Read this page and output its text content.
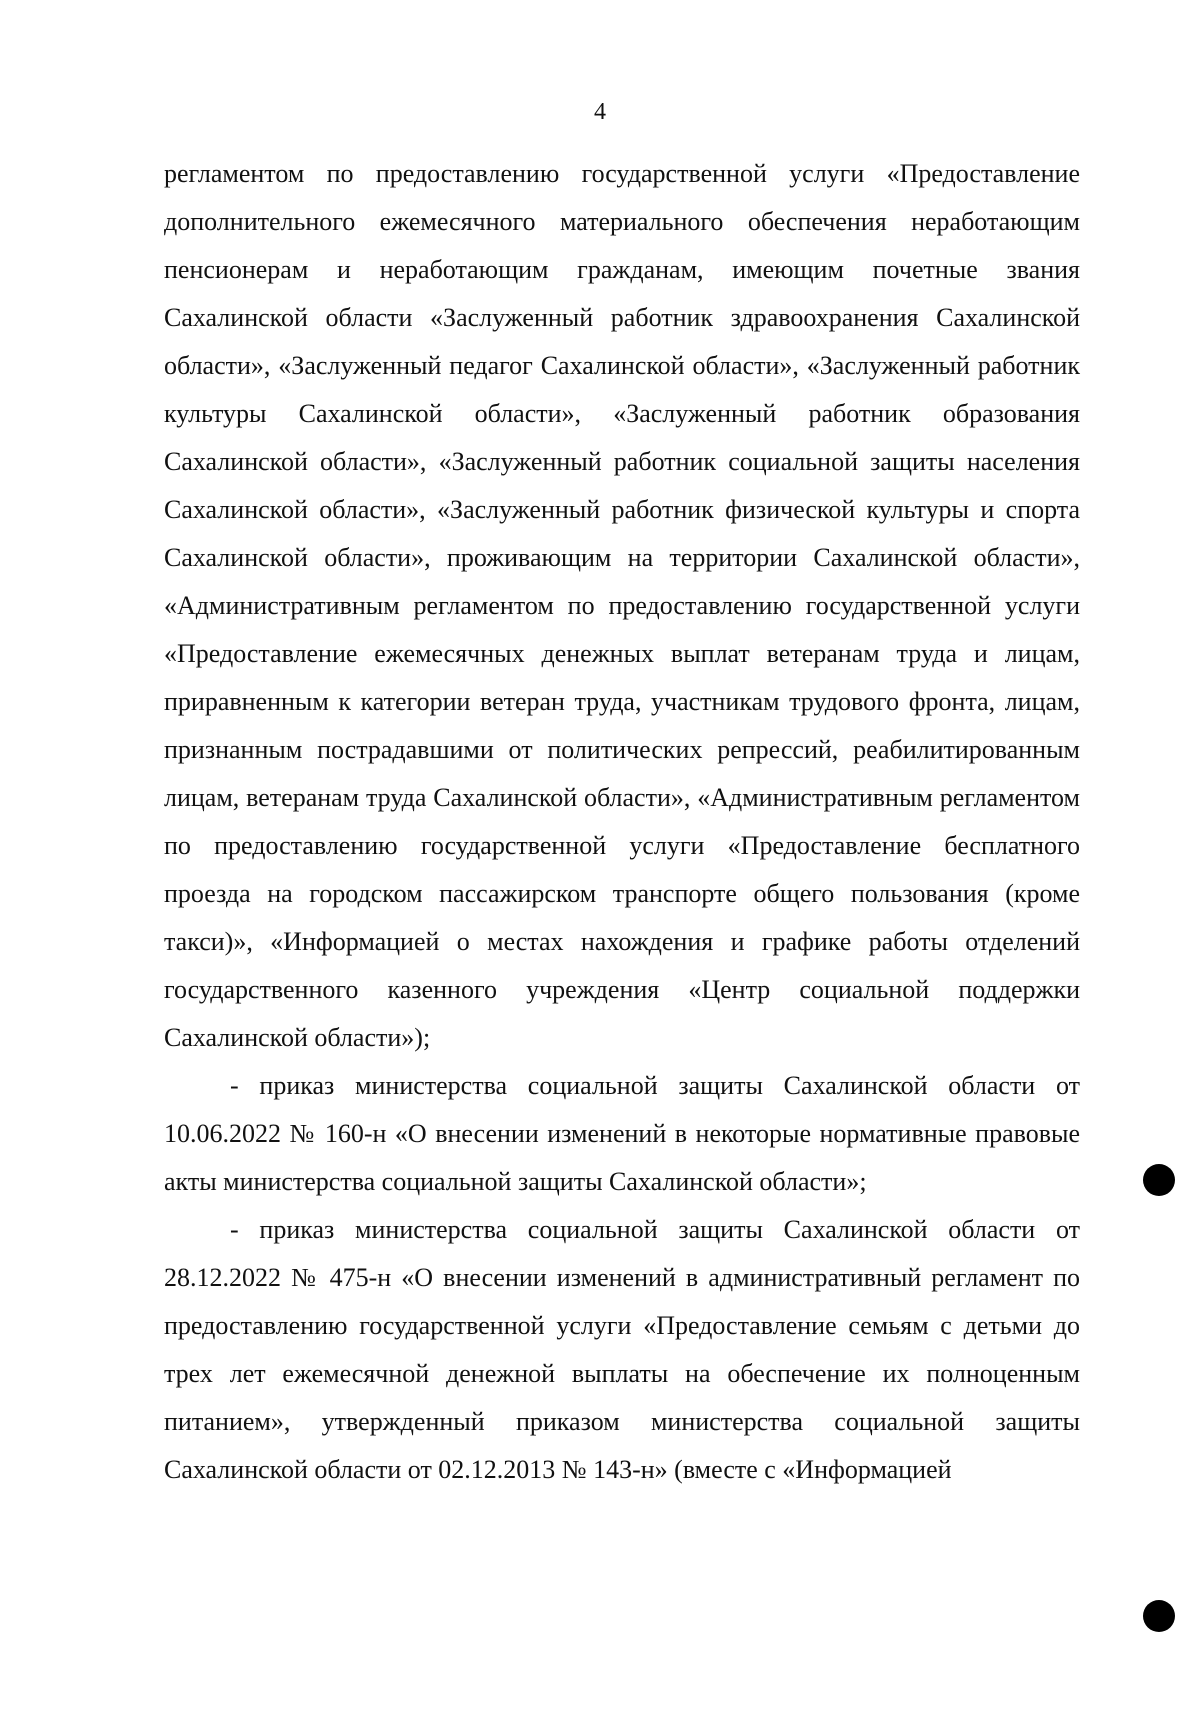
4

регламентом по предоставлению государственной услуги «Предоставление дополнительного ежемесячного материального обеспечения неработающим пенсионерам и неработающим гражданам, имеющим почетные звания Сахалинской области «Заслуженный работник здравоохранения Сахалинской области», «Заслуженный педагог Сахалинской области», «Заслуженный работник культуры Сахалинской области», «Заслуженный работник образования Сахалинской области», «Заслуженный работник социальной защиты населения Сахалинской области», «Заслуженный работник физической культуры и спорта Сахалинской области», проживающим на территории Сахалинской области», «Административным регламентом по предоставлению государственной услуги «Предоставление ежемесячных денежных выплат ветеранам труда и лицам, приравненным к категории ветеран труда, участникам трудового фронта, лицам, признанным пострадавшими от политических репрессий, реабилитированным лицам, ветеранам труда Сахалинской области», «Административным регламентом по предоставлению государственной услуги «Предоставление бесплатного проезда на городском пассажирском транспорте общего пользования (кроме такси)», «Информацией о местах нахождения и графике работы отделений государственного казенного учреждения «Центр социальной поддержки Сахалинской области»);

- приказ министерства социальной защиты Сахалинской области от 10.06.2022 № 160-н «О внесении изменений в некоторые нормативные правовые акты министерства социальной защиты Сахалинской области»;

- приказ министерства социальной защиты Сахалинской области от 28.12.2022 № 475-н «О внесении изменений в административный регламент по предоставлению государственной услуги «Предоставление семьям с детьми до трех лет ежемесячной денежной выплаты на обеспечение их полноценным питанием», утвержденный приказом министерства социальной защиты Сахалинской области от 02.12.2013 № 143-н» (вместе с «Информацией
